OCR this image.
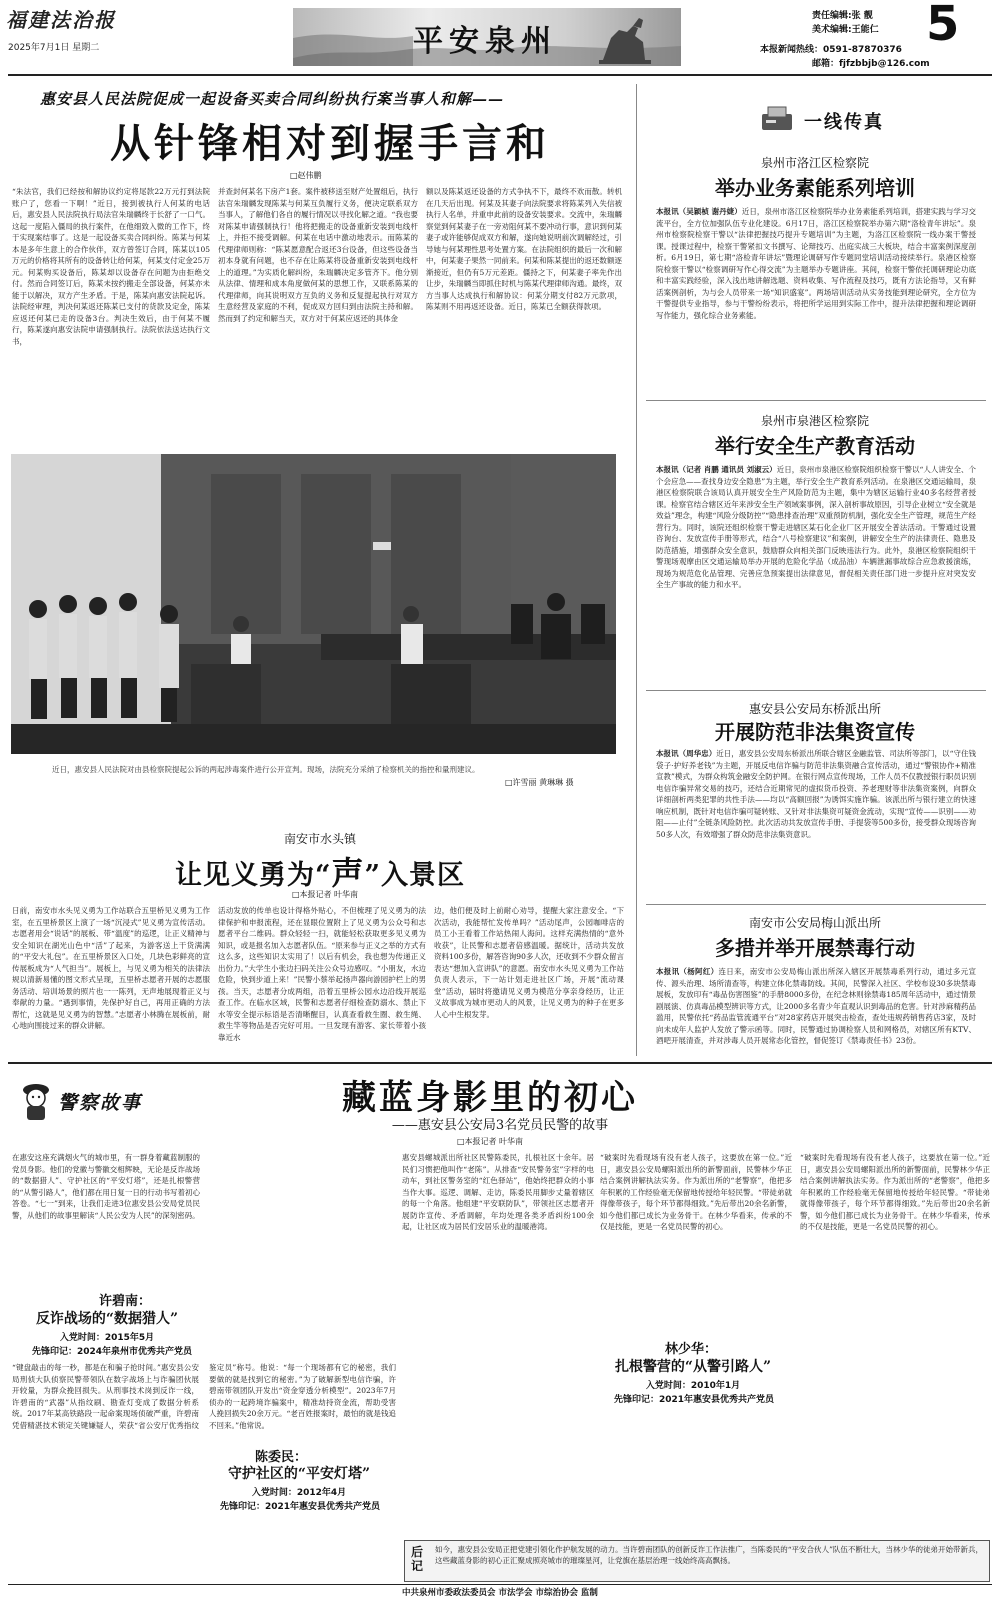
福建法治报
2025年7月1日 星期二	平安泉州
责任编辑:张 靓
美术编辑:王能仁
本报新闻热线：0591-87870376
邮箱：fjfzbbjb@126.com
5
惠安县人民法院促成一起设备买卖合同纠纷执行案当事人和解——
从针锋相对到握手言和
□赵伟鹏
“朱法官，我们已经按和解协议约定将尾款22万元打到法院账户了，您看一下啊！”近日，接到被执行人何某的电话后，惠安县人民法院执行局法官朱瑞麟终于长舒了一口气。这起一度陷入僵局的执行案件，在他细致入微的工作下，终于实现案结事了。这是一起设备买卖合同纠纷。陈某与何某本是多年生意上的合作伙伴，双方曾签订合同，陈某以105万元的价格将其所有的设备转让给何某，何某支付定金25万元。何某购买设备后，陈某却以设备存在问题为由拒绝交付。然而合同签订后，陈某未按约搬走全部设备，何某亦未能于以解决，双方产生矛盾。于是，陈某向惠安法院起诉。法院经审理，判决何某返还陈某已支付的货款及定金，陈某应返还何某已走的设备3台。判决生效后，由于何某不履行，陈某遂向惠安法院申请强制执行。法院依法送达执行文书，
并查封何某名下房产1套。案件被移送至财产处置组后，执行法官朱瑞麟发现陈某与何某互负履行义务，便决定联系双方当事人，了解他们各自的履行情况以寻找化解之道。“我也要对陈某申请强制执行！他将把搬走的设备重新安装到电线杆上，并拒不接受调解。何某在电话中激动地表示。而陈某的代理律师则称：“陈某愿意配合返还3台设备，但这些设备当初本身就有问题，也不存在让陈某将设备重新安装到电线杆上的道理。”为实质化解纠纷，朱瑞麟决定多管齐下。他分别从法律、情理和成本角度做何某的思想工作，又联系陈某的代理律师，向其说明双方互负的义务和反复提起执行对双方生意经营及家庭的不利，促成双方回归到由法院主持和解。然而到了约定和解当天，双方对于何某应返还的具体金
额以及陈某返还设备的方式争执不下，最终不欢而散。转机在几天后出现。何某及其妻子向法院要求将陈某列入失信被执行人名单，并重申此前的设备安装要求。交流中，朱瑞麟察觉到何某妻子在一旁劝阻何某不要冲动行事，意识到何某妻子或许能够促成双方和解，遂向她说明前次调解经过，引导她与何某理性思考处置方案。在法院组织的最后一次和解中，何某妻子果然一同前来。何某和陈某提出的返还数额逐渐接近，但仍有5万元差距。僵持之下，何某妻子率先作出让步，朱瑞麟当即抓住时机与陈某代理律师沟通。最终，双方当事人达成执行和解协议：何某分期支付82万元款项，陈某则不用再返还设备。近日，陈某已全额获得款项。
近日，惠安县人民法院对由县检察院提起公诉的两起涉毒案件进行公开宣判。现场，法院充分采纳了检察机关的指控和量刑建议。
□许雪丽 黄琳琳 摄
南安市水头镇
让见义勇为“声”入景区
□本报记者 叶华南
日前，南安市水头见义勇为工作站联合五里桥见义勇为工作室，在五里桥景区上演了一场“沉浸式”见义勇为宣传活动。志愿者用会“说话”的展板、带“温度”的巡逻，让正义精神与安全知识在湖光山色中“活”了起来，为游客送上干货满满的“平安大礼包”。在五里桥景区入口处，几块色彩鲜亮的宣传展板成为“人气担当”。展板上，与见义勇为相关的法律法规以清新易懂的图文形式呈现，五里桥志愿者开展的志愿服务活动、培训场景的照片也一一陈列，无声地展现着正义与奉献的力量。“遇到事情，先保护好自己，再用正确的方法帮忙，这就是见义勇为的智慧。”志愿者小林腾在展板前，耐心地向围拢过来的群众讲解。
活动发放的传单也设计得格外贴心，不但梳理了见义勇为的法律保护和申报流程，还在显眼位置附上了见义勇为公众号和志愿者平台二维码。群众轻轻一扫，就能轻松获取更多见义勇为知识，或是报名加入志愿者队伍。“原来参与正义之举的方式有这么多，这些知识太实用了！以后有机会，我也想为传递正义出份力。”大学生小张边扫码关注公众号边感叹。“小朋友，水边危险，快到步道上来！”民警小蔡举起扬声器向游园护栏上的男孩。当天，志愿者分成两组，沿着五里桥公园水边沿线开展巡查工作。在临水区域，民警和志愿者仔细检查防溺水、禁止下水等安全提示标语是否清晰醒目，认真查看救生圈、救生绳、救生竿等物品是否完好可用。一旦发现有游客、家长带着小孩靠近水
边，他们便及时上前耐心劝导，提醒大家注意安全。“下次活动，我能帮忙发传单吗？”活动尾声，公园咖啡店的员工小王看着工作站热闹人海问。这样充满热情的“意外收获”，让民警和志愿者倍感温暖。据统计，活动共发放资料100多份，解答咨询90多人次，还收到不少群众留言表达“想加入宣讲队”的意愿。南安市水头见义勇为工作站负责人表示，下一站计划走进社区广场，开展“流动课堂”活动，届时将邀请见义勇为模范分享亲身经历，让正义故事成为城市更动人的风景，让见义勇为的种子在更多人心中生根发芽。
一线传真
泉州市洛江区检察院
举办业务素能系列培训
本报讯（吴颖桢 谢丹婕）近日，泉州市洛江区检察院举办业务素能系列培训，搭建实践与学习交流平台，全方位加强队伍专业化建设。6月17日，洛江区检察院举办第六期“洛检青年讲坛”。泉州市检察院检察干警以“法律把握技巧提升专题培训”为主题，为洛江区检察院一线办案干警授课。授课过程中，检察干警紧扣文书撰写、论辩技巧、出庭实战三大板块，结合丰富案例深度剖析。6月19日，第七期“洛检青年讲坛”暨理论调研写作专题同堂培训活动接续举行。泉港区检察院检察干警以“检察调研写作心得交流”为主题举办专题讲座。其间，检察干警依托调研理论功底和丰富实践经验，深入浅出地讲解选题、资料收集、写作流程及技巧，既有方法论指导，又有鲜活案例剖析，为与会人员带来一场“知识盛宴”。两场培训活动从实务技能到理论研究，全方位为干警提供专业指导，参与干警纷纷表示，将把所学运用到实际工作中，提升法律把握和理论调研写作能力，强化综合业务素能。
泉州市泉港区检察院
举行安全生产教育活动
本报讯（记者 肖鹏 通讯员 刘淑云）近日，泉州市泉港区检察院组织检察干警以“人人讲安全、个个会应急——查找身边安全隐患”为主题，举行安全生产教育系列活动。在泉港区交通运输局，泉港区检察院联合该局认真开展安全生产风险防范为主题，集中为辖区运输行业40多名经营者授课。检察官结合辖区近年来涉安全生产领域案事例，深入剖析事故原因，引导企业树立“安全就是效益”理念，构建“风险分级防控”“隐患排查治理”双重预防机制，强化安全生产管理，规范生产经营行为。同时，该院还组织检察干警走进辖区某石化企业厂区开展安全普法活动。干警通过设置咨询台、发放宣传手册等形式，结合“八号检察建议”和案例，讲解安全生产的法律责任、隐患及防范措施，增强群众安全意识，鼓励群众向相关部门反映违法行为。此外，泉港区检察院组织干警现场观摩由区交通运输局举办开展的危险化学品（成品油）车辆泄漏事故综合应急救援演练，现场为规范危化品管理、完善应急预案提出法律意见，督促相关责任部门进一步提升应对突发安全生产事故的能力和水平。
惠安县公安局东桥派出所
开展防范非法集资宣传
本报讯（周华忠）近日，惠安县公安局东桥派出所联合辖区金融监管、司法所等部门，以“守住钱袋子·护好养老钱”为主题，开展反电信诈骗与防范非法集资融合宣传活动，通过“警银协作+精准宣教”模式，为群众构筑金融安全防护网。在银行网点宣传现场，工作人员不仅教授银行职员识别电信诈骗异常交易的技巧，还结合近期常见的虚拟货币投资、养老理财等非法集资案例，向群众详细剖析两类犯罪的共性手法——均以“高额回报”为诱饵实施诈骗。该派出所与银行建立的快速响应机制，既针对电信诈骗可疑转账、又针对非法集资可疑资金流动，实现“宣传——识别——劝阻——止付”全链条风险防控。此次活动共发放宣传手册、手提袋等500多份，接受群众现场咨询50多人次，有效增强了群众防范非法集资意识。
南安市公安局梅山派出所
多措并举开展禁毒行动
本报讯（杨阿红）连日来，南安市公安局梅山派出所深入辖区开展禁毒系列行动，通过多元宣传、源头治理、场所清查等，构建立体化禁毒防线。其间，民警深入社区、学校布设30多块禁毒展板，发放印有“毒品伤害图鉴”的手册8000多份，在纪念林则徐禁毒185周年活动中，通过情景剧展演、仿真毒品模型辨识等方式，让2000多名青少年直观认识到毒品的危害。针对涉麻精药品滥用，民警依托“药品监管流通平台”对28家药店开展突击检查，查处违规药销售药店3家，及时向未成年人监护人发放了警示函等。同时，民警通过协调检察人员和网格员，对辖区所有KTV、酒吧开展清查，并对涉毒人员开展常态化管控，督促签订《禁毒责任书》23份。
警察故事	藏蓝身影里的初心
——惠安县公安局3名党员民警的故事
□本报记者 叶华南
在惠安这座充满烟火气的城市里，有一群身着藏蓝制服的党员身影。他们的党徽与警徽交相辉映，无论是反诈战场的“数据猎人”、守护社区的“平安灯塔”，还是扎根警营的“从警引路人”，他们都在用日复一日的行动书写着初心答卷。“七一”到来，让我们走进3位惠安县公安局党员民警，从他们的故事里解读“人民公安为人民”的深刻密码。
许碧南：
反诈战场的“数据猎人”
入党时间：2015年5月
先锋印记：2024年泉州市优秀共产党员
“键盘敲击的每一秒，都是在和骗子抢时间。”惠安县公安局刑侦大队侦察民警带领队在数字战场上与诈骗团伙展开较量，为群众挽回损失。从刑事技术岗到反诈一线，许碧南的“武器”从指纹刷、勘查灯变成了数据分析系统。2017年某高铁路段一起命案现场侦破严重，许碧南凭借精湛技术锁定关键嫌疑人，荣获“省公安厅优秀指纹鉴定员”称号。他说：“每一个现场都有它的秘密，我们要做的就是找到它的秘密。”为了破解新型电信诈骗，许碧南带领团队开发出“资金穿透分析模型”。2023年7月侦办的一起跨境诈骗案中，精准劫持资金流，帮助受害人挽回损失20余万元。“老百姓报案时，最怕的就是钱追不回来。”他常说。
陈委民：
守护社区的“平安灯塔”
入党时间：2012年4月
先锋印记：2021年惠安县优秀共产党员
惠安县螺城派出所社区民警陈委民，扎根社区十余年。居民们习惯把他叫作“老陈”。从排查“安民警务室”字样的电动车，到社区警务室的“红色驿站”，他始终把群众的小事当作大事。巡逻、调解、走访，陈委民用脚步丈量着辖区的每一个角落。他组建“平安联防队”，带领社区志愿者开展防诈宣传、矛盾调解，年均处理各类矛盾纠纷100余起，让社区成为居民们安居乐业的温暖港湾。
林少华：
扎根警营的“从警引路人”
入党时间：2010年1月
先锋印记：2021年惠安县优秀共产党员
“破案时先看现场有没有老人孩子，这要放在第一位。”近日，惠安县公安局螺阳派出所的新警面前，民警林少华正结合案例讲解执法实务。作为派出所的“老警察”，他把多年积累的工作经验毫无保留地传授给年轻民警。“带徒弟就得像带孩子，每个环节都得细致。”先后带出20余名新警，如今他们都已成长为业务骨干。在林少华看来，传承的不仅是技能，更是一名党员民警的初心。
“破案时先看现场有没有老人孩子，这要放在第一位。”近日，惠安县公安局螺阳派出所的新警面前，民警林少华正结合案例讲解执法实务。作为派出所的“老警察”，他把多年积累的工作经验毫无保留地传授给年轻民警。“带徒弟就得像带孩子，每个环节都得细致。”先后带出20余名新警，如今他们都已成长为业务骨干。在林少华看来，传承的不仅是技能，更是一名党员民警的初心。
后记
如今，惠安县公安局正把党建引领化作护航发展的动力。当许碧南团队的创新反诈工作法推广，当陈委民的“平安合伙人”队伍不断壮大，当林少华的徒弟开始带新兵，这些藏蓝身影的初心正汇聚成照亮城市的璀璨星河，让党旗在基层治理一线始终高高飘扬。
中共泉州市委政法委员会 市法学会 市综治协会 监制
